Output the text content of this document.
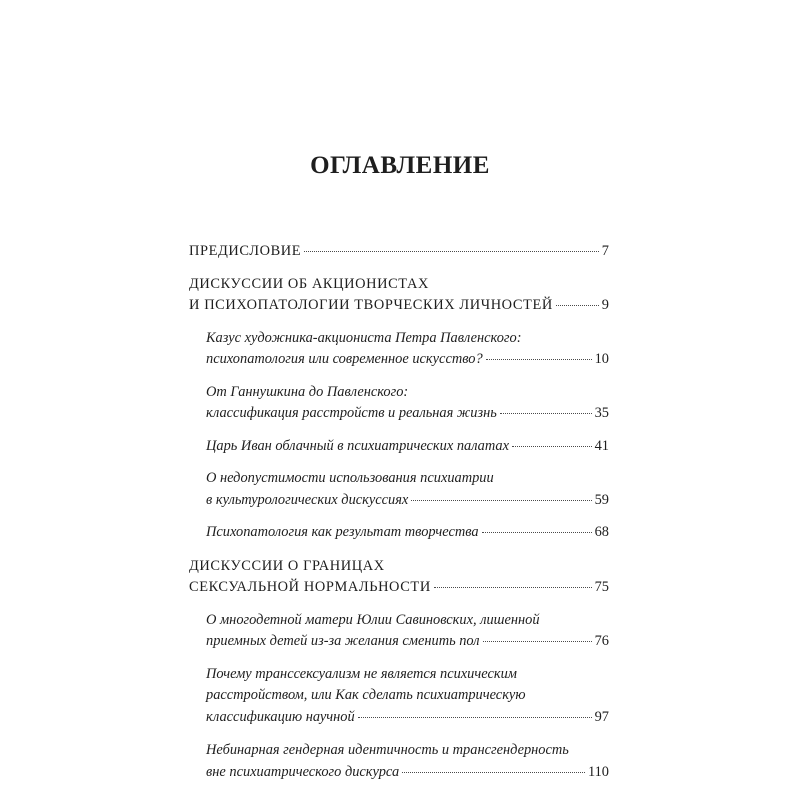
ОГЛАВЛЕНИЕ
ПРЕДИСЛОВИЕ	7
ДИСКУССИИ ОБ АКЦИОНИСТАХ
И ПСИХОПАТОЛОГИИ ТВОРЧЕСКИХ ЛИЧНОСТЕЙ	9
Казус художника-акциониста Петра Павленского:
психопатология или современное искусство?	10
От Ганнушкина до Павленского:
классификация расстройств и реальная жизнь	35
Царь Иван облачный в психиатрических палатах	41
О недопустимости использования психиатрии
в культурологических дискуссиях	59
Психопатология как результат творчества	68
ДИСКУССИИ О ГРАНИЦАХ
СЕКСУАЛЬНОЙ НОРМАЛЬНОСТИ	75
О многодетной матери Юлии Савиновских, лишенной
приемных детей из-за желания сменить пол	76
Почему транссексуализм не является психическим
расстройством, или Как сделать психиатрическую
классификацию научной	97
Небинарная гендерная идентичность и трансгендерность
вне психиатрического дискурса	110
